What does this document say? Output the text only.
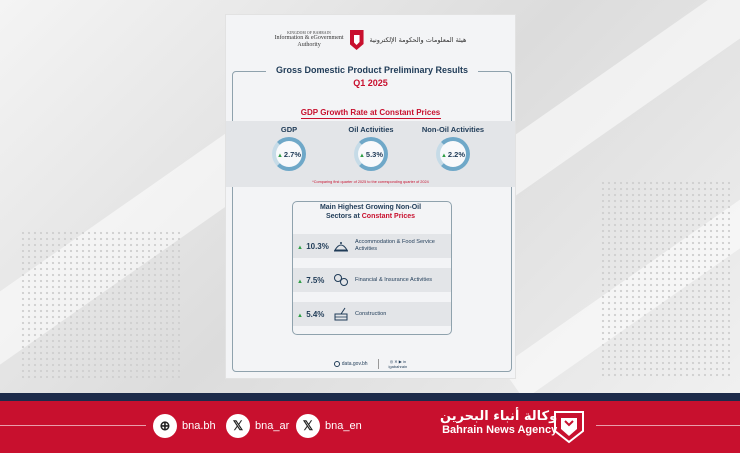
KINGDOM OF BAHRAIN
Information & eGovernment
Authority
هيئة المعلومات والحكومة الإلكترونية
Gross Domestic Product Preliminary Results
Q1 2025
GDP Growth Rate at Constant Prices
GDP
▲2.7%
Oil Activities
▲5.3%
Non-Oil Activities
▲2.2%
*Comparing first quarter of 2025 to the corresponding quarter of 2024
Main Highest Growing Non-Oil
Sectors at Constant Prices
▲ 10.3%	Accommodation & Food Service Activities
▲ 7.5%	Financial & Insurance Activities
▲ 5.4%	Construction
data.gov.bh	◎ ✕ ▶ in
igabahrain
⊕	bna.bh	𝕏	bna_ar	𝕏	bna_en
وكالة أنباء البحرين
Bahrain News Agency
